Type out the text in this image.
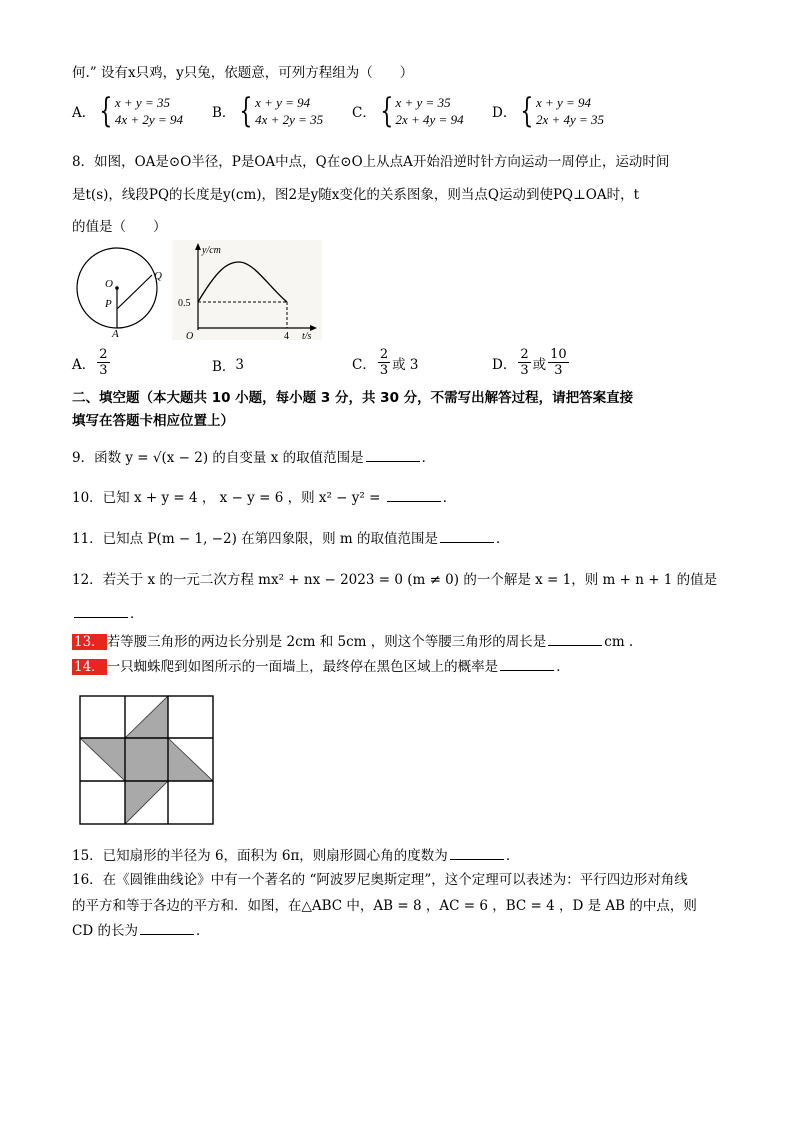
何.” 设有x只鸡，y只兔，依题意，可列方程组为（　　）
A． { x + y = 35
4x + 2y = 94 B． { x + y = 94
4x + 2y = 35 C． { x + y = 35
2x + 4y = 94 D． { x + y = 94
2x + 4y = 35
8．如图，OA是⊙O半径，P是OA中点，Q在⊙O上从点A开始沿逆时针方向运动一周停止，运动时间
是t(s)，线段PQ的长度是y(cm)，图2是y随x变化的关系图象，则当点Q运动到使PQ⊥OA时，t
的值是（　　）
O
P
Q
A
y/cm
t/s
O
0.5
4
A． $\frac{2}{3}$	B． 3	C． $\frac{2}{3}$ 或 3	D． $\frac{2}{3}$ 或 $\frac{10}{3}$
二、填空题（本大题共 10 小题，每小题 3 分，共 30 分，不需写出解答过程，请把答案直接
填写在答题卡相应位置上）
9．函数 y = √(x − 2) 的自变量 x 的取值范围是	．
10．已知 x + y = 4 ， x − y = 6 ，则 x² − y² =	．
11．已知点 P(m − 1, −2) 在第四象限，则 m 的取值范围是	．
12．若关于 x 的一元二次方程 mx² + nx − 2023 = 0 (m ≠ 0) 的一个解是 x = 1，则 m + n + 1 的值是
．
13． 若等腰三角形的两边长分别是 2cm 和 5cm ，则这个等腰三角形的周长是	cm .
14． 一只蜘蛛爬到如图所示的一面墙上，最终停在黑色区域上的概率是	．
15．已知扇形的半径为 6，面积为 6π，则扇形圆心角的度数为	．
16．在《圆锥曲线论》中有一个著名的 “阿波罗尼奥斯定理”，这个定理可以表述为：平行四边形对角线
的平方和等于各边的平方和．如图，在△ABC 中，AB = 8 ，AC = 6 ，BC = 4 ，D 是 AB 的中点，则
CD 的长为	．
